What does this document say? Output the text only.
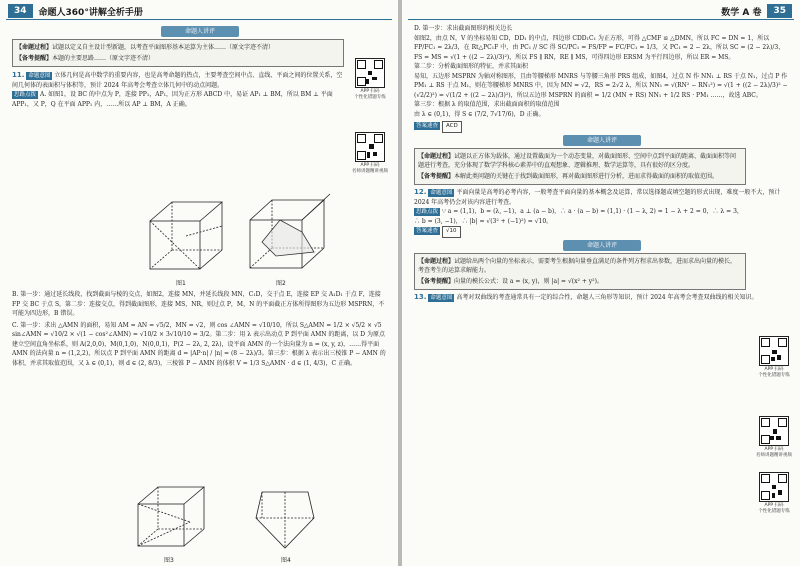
34	命题人360°讲解全析手册
命题人讲评

【命题过程】试题以定义自主设计型新题，以考查平面图形基本运算为主体……（原文字迹不清）

【备考提醒】本题的主要思路……（原文字迹不清）

11. 命题意图 立体几何是高中数学的重要内容，也是高考命题的热点，主要考查空间中点、直线、平面之间的位置关系，空间几何体的表面积与体积等，预计 2024 年高考会考查立体几何中的动点问题。

思路点拨 A. 如图1，设 BC 的中点为 P，连接 PP₁，AP₁，因为正方形 ABCD 中，易证 AP₁ ⊥ BM，所以 BM ⊥ 平面 APP₁，又 P，Q 在平面 APP₁ 内，……所以 AP ⊥ BM，A 正确。

APP 扫码
个性化错题专练
APP 扫码
名师讲题精讲视频
图1	图2

B. 第一步：通过延长线段，找到截面与棱的交点，如图2，连接 MN，并延长线段 MN，C₁D，交于点 E，连接 EP 交 A₁D₁ 于点 F，连接 FP 交 BC 于点 S，第二步：连接交点，得到截面图形，连接 MS，NR，则过点 P，M，N 的平面截正方体所得图形为五边形 MSPRN，不可能为四边形，B 错误。

C. 第一步：求出 △AMN 的面积，易知 AM = AN = √5/2，MN = √2，则 cos ∠AMN = √10/10，所以 S△AMN = 1/2 × √5/2 × √5 sin∠AMN = √10/2 × √(1 − cos²∠AMN) = √10/2 × 3√10/10 = 3/2。第二步：用 λ 表示出动点 P 到平面 AMN 的距离，以 D 为原点建立空间直角坐标系，则 A(2,0,0)，M(0,1,0)，N(0,0,1)，P(2 − 2λ, 2, 2λ)，设平面 AMN 的一个法向量为 n = (x, y, z)，……得平面 AMN 的法向量 n = (1,2,2)，所以点 P 到平面 AMN 的距离 d = |AP·n| / |n| = (8 − 2λ)/3。第三步：根据 λ 表示出三棱锥 P − AMN 的体积，并求其取值范围，又 λ ∈ (0,1)，则 d ∈ (2, 8/3)，三棱锥 P − AMN 的体积 V = 1/3 S△AMN · d ∈ (1, 4/3)，C 正确。

图3	图4
数学 A 卷	35

D. 第一步：求出截面图形的相关边长

如图2，由点 N，V 的坐标易知 CD，DD₁ 的中点，四边形 CDD₁C₁ 为正方形，可得 △CMF ≌ △DMN，所以 FC = DN = 1，所以 FP/FC₁ = 2λ/3，在 Rt△PC₁F 中，由 PC₁ // SC 得 SC/PC₁ = FS/FP = FC/FC₁ = 1/3，又 PC₁ = 2 − 2λ，所以 SC = (2 − 2λ)/3，FS = MS = √(1 + ((2 − 2λ)/3)²)，所以 FS ∥ RN，RE ∥ MS，可得四边形 ERSM 为平行四边形，所以 ER = MS。

第二步：分析截面图形的特征，并求其面积

易知，五边形 MSPRN 为轴对称图形，且由等腰梯形 MNRS 与等腰三角形 PRS 组成，如图4，过点 N 作 NN₁ ⊥ RS 于点 N₁，过点 P 作 PM₁ ⊥ RS 于点 M₁，则在等腰梯形 MNRS 中，因为 MN = √2，RS = 2√2 λ，所以 NN₁ = √(RN² − RN₁²) = √(1 + ((2 − 2λ)/3)² − (√2/2)²) = √(1/2 + ((2 − 2λ)/3)²)，所以五边形 MSPRN 的面积 = 1/2 (MN + RS) NN₁ + 1/2 RS · PM₁ ……，故选 ABC。

第三步：根据 λ 的取值范围，求出截面面积的取值范围

由 λ ∈ (0,1)，得 S ∈ (7/2, 7√17/6)，D 正确。

答案速查 ACD

命题人讲评

【命题过程】试题以正方体为载体，通过设置截面为一个动态变量，对截面图形、空间中点到平面的距离、截面面积等问题进行考查，充分体现了数学学科核心素养中的直观想象、逻辑推理、数学运算等，具有很好的区分度。

【备考提醒】本解此类问题的关键在于找到截面图形，再对截面图形进行分析，进而求得截面的面积的取值范围。

12. 命题意图 平面向量是高考的必考内容，一般考查平面向量的基本概念及运算，常以选择题或填空题的形式出现，难度一般不大，预计 2024 年高考仍会对该内容进行考查。

思路点拨 ∵ a = (1,1)，b = (λ, −1)，a ⊥ (a − b)，∴ a · (a − b) = (1,1) · (1 − λ, 2) = 1 − λ + 2 = 0，∴ λ = 3，∴ b = (3, −1)，∴ |b| = √(3² + (−1)²) = √10。

答案速查 √10

命题人讲评

【命题过程】试题给出两个向量的坐标表示，需要考生根据向量垂直满足的条件列方程求出参数，进而求出向量的模长，考查考生的运算求解能力。

【备考提醒】向量的模长公式：设 a = (x, y)，则 |a| = √(x² + y²)。

13. 命题意图 高考对双曲线的考查通常具有一定的综合性，命题人三角形等知识，预计 2024 年高考会考查双曲线的相关知识。

APP 扫码
个性化错题专练
APP 扫码
名师讲题精讲视频
APP 扫码
个性化错题专练
